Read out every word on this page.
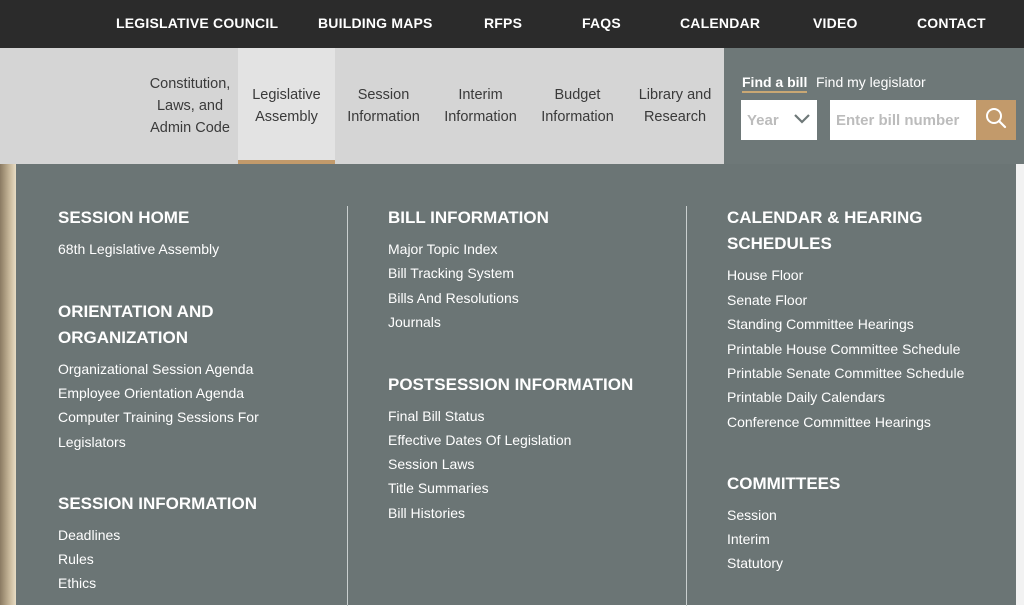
LEGISLATIVE COUNCIL	BUILDING MAPS	RFPS	FAQS	CALENDAR	VIDEO	CONTACT
Constitution,
Laws, and
Admin Code
Legislative
Assembly
Session
Information
Interim
Information
Budget
Information
Library and
Research
Find a bill Find my legislator
Year
Enter bill number
SESSION HOME
68th Legislative Assembly
ORIENTATION AND
ORGANIZATION
Organizational Session Agenda
Employee Orientation Agenda
Computer Training Sessions For
Legislators
SESSION INFORMATION
Deadlines
Rules
Ethics
BILL INFORMATION
Major Topic Index
Bill Tracking System
Bills And Resolutions
Journals
POSTSESSION INFORMATION
Final Bill Status
Effective Dates Of Legislation
Session Laws
Title Summaries
Bill Histories
CALENDAR & HEARING
SCHEDULES
House Floor
Senate Floor
Standing Committee Hearings
Printable House Committee Schedule
Printable Senate Committee Schedule
Printable Daily Calendars
Conference Committee Hearings
COMMITTEES
Session
Interim
Statutory
